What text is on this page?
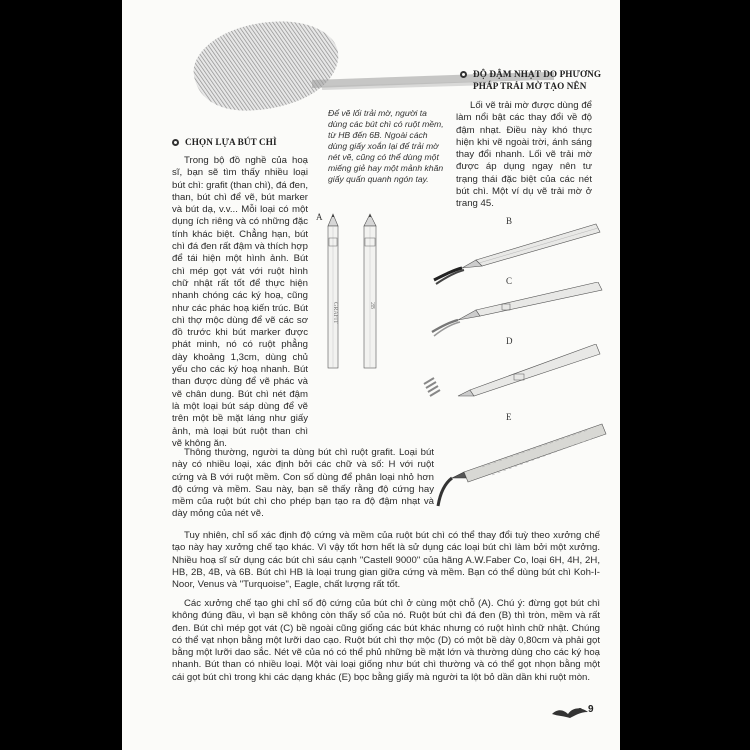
ĐỘ ĐẬM NHẠT DO PHƯƠNG
PHÁP TRẢI MỜ TẠO NÊN

Lối vẽ trải mờ được dùng để làm nổi bật các thay đổi về độ đậm nhạt. Điều này khó thực hiện khi vẽ ngoài trời, ánh sáng thay đổi nhanh. Lối vẽ trải mờ được áp dụng ngay nên tư trạng thái đặc biệt của các nét bút chì. Một ví dụ vẽ trải mờ ở trang 45.

Để vẽ lối trải mờ, người ta dùng các bút chì có ruột mềm, từ HB đến 6B. Ngoài cách dùng giấy xoắn lại để trải mờ nét vẽ, cũng có thể dùng một miếng giẻ hay một mảnh khăn giấy quấn quanh ngón tay.

CHỌN LỰA BÚT CHÌ

Trong bộ đồ nghề của hoạ sĩ, bạn sẽ tìm thấy nhiều loại bút chì: grafit (than chì), đá đen, than, bút chì để vẽ, bút marker và bút dạ, v.v... Mỗi loại có một dụng ích riêng và có những đặc tính khác biệt. Chẳng hạn, bút chì đá đen rất đậm và thích hợp để tái hiện một hình ảnh. Bút chì mép gọt vát với ruột hình chữ nhật rất tốt để thực hiện nhanh chóng các ký hoạ, cũng như các phác hoạ kiến trúc. Bút chì thợ mộc dùng để vẽ các sơ đồ trước khi bút marker được phát minh, nó có ruột phẳng dày khoảng 1,3cm, dùng chủ yếu cho các ký hoạ nhanh. Bút than được dùng để vẽ phác và vẽ chân dung. Bút chì nét đậm là một loại bút sáp dùng để vẽ trên một bề mặt láng như giấy ảnh, mà loại bút ruột than chì vẽ không ăn.

A
GRAFIT	2B
B
C
D
E

Thông thường, người ta dùng bút chì ruột grafit. Loại bút này có nhiều loại, xác định bởi các chữ và số: H với ruột cứng và B với ruột mềm. Con số dùng để phân loại nhỏ hơn độ cứng và mềm. Sau này, bạn sẽ thấy rằng độ cứng hay mềm của ruột bút chì cho phép bạn tạo ra độ đậm nhạt và dày mỏng của nét vẽ.

Tuy nhiên, chỉ số xác định độ cứng và mềm của ruột bút chì có thể thay đổi tuỳ theo xưởng chế tạo này hay xưởng chế tạo khác. Vì vậy tốt hơn hết là sử dụng các loại bút chì làm bởi một xưởng. Nhiều hoạ sĩ sử dụng các bút chì sáu cạnh "Castell 9000" của hãng A.W.Faber Co, loại 6H, 4H, 2H, HB, 2B, 4B, và 6B. Bút chì HB là loại trung gian giữa cứng và mềm. Bạn có thể dùng bút chì Koh-I-Noor, Venus và "Turquoise", Eagle, chất lượng rất tốt.

Các xưởng chế tạo ghi chỉ số độ cứng của bút chì ở cùng một chỗ (A). Chú ý: đừng gọt bút chì không đúng đầu, vì bạn sẽ không còn thấy số của nó. Ruột bút chì đá đen (B) thì tròn, mềm và rất đen. Bút chì mép gọt vát (C) bề ngoài cũng giống các bút khác nhưng có ruột hình chữ nhật. Chúng có thể vạt nhọn bằng một lưỡi dao cạo. Ruột bút chì thợ mộc (D) có một bề dày 0,80cm và phải gọt bằng một lưỡi dao sắc. Nét vẽ của nó có thể phủ những bề mặt lớn và thường dùng cho các ký hoạ nhanh. Bút than có nhiều loại. Một vài loại giống như bút chì thường và có thể gọt nhọn bằng một cái gọt bút chì trong khi các dạng khác (E) bọc bằng giấy mà người ta lột bỏ dần dần khi ruột mòn.

9
